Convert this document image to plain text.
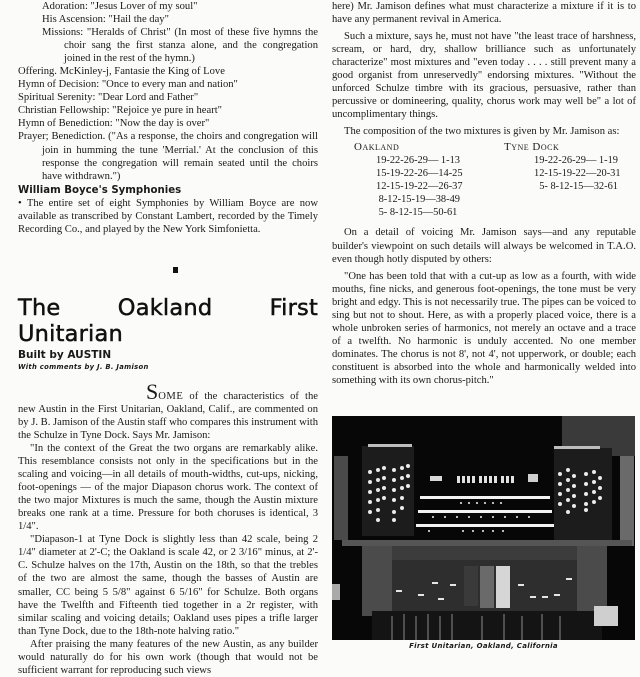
Adoration: "Jesus Lover of my soul"

His Ascension: "Hail the day"

Missions: "Heralds of Christ" (In most of these five hymns the choir sang the first stanza alone, and the congregation joined in the rest of the hymn.)

Offering. McKinley-j, Fantasie the King of Love

Hymn of Decision: "Once to every man and nation"

Spiritual Serenity: "Dear Lord and Father"

Christian Fellowship: "Rejoice ye pure in heart"

Hymn of Benediction: "Now the day is over"

Prayer; Benediction. ("As a response, the choirs and congregation will join in humming the tune 'Merrial.' At the conclusion of this response the congregation will remain seated until the choirs have withdrawn.")

William Boyce's Symphonies

• The entire set of eight Symphonies by William Boyce are now available as transcribed by Constant Lambert, recorded by the Timely Recording Co., and played by the New York Simfonietta.

The Oakland First Unitarian
Built by AUSTIN
With comments by J. B. Jamison

SOME of the characteristics of the new Austin in the First Unitarian, Oakland, Calif., are commented on by J. B. Jamison of the Austin staff who compares this instrument with the Schulze in Tyne Dock. Says Mr. Jamison:

"In the context of the Great the two organs are remarkably alike. This resemblance consists not only in the specifications but in the scaling and voicing—in all details of mouth-widths, cut-ups, nicking, foot-openings — of the major Diapason chorus work. The context of the two major Mixtures is much the same, though the Austin mixture breaks one rank at a time. Pressure for both choruses is identical, 3 1/4".

"Diapason-1 at Tyne Dock is slightly less than 42 scale, being 2 1/4" diameter at 2'-C; the Oakland is scale 42, or 2 3/16" minus, at 2'-C. Schulze halves on the 17th, Austin on the 18th, so that the trebles of the two are almost the same, though the basses of Austin are smaller, CC being 5 5/8" against 6 5/16" for Schulze. Both organs have the Twelfth and Fifteenth tied together in a 2r register, with similar scaling and voicing details; Oakland uses pipes a trifle larger than Tyne Dock, due to the 18th-note halving ratio."

After praising the many features of the new Austin, as any builder would naturally do for his own work (though that would not be sufficient warrant for reproducing such views

here) Mr. Jamison defines what must characterize a mixture if it is to have any permanent revival in America.

Such a mixture, says he, must not have "the least trace of harshness, scream, or hard, dry, shallow brilliance such as unfortunately characterize" most mixtures and "even today . . . . still prevent many a good organist from unreservedly" endorsing mixtures. "Without the unforced Schulze timbre with its gracious, persuasive, rather than percussive or domineering, quality, chorus work may well be" a lot of uncomplimentary things.

The composition of the two mixtures is given by Mr. Jamison as:

Oakland
19-22-26-29— 1-13
15-19-22-26—14-25
12-15-19-22—26-37
8-12-15-19—38-49
5- 8-12-15—50-61
Tyne Dock
19-22-26-29— 1-19
12-15-19-22—20-31
5- 8-12-15—32-61

On a detail of voicing Mr. Jamison says—and any reputable builder's viewpoint on such details will always be welcomed in T.A.O. even though hotly disputed by others:

"One has been told that with a cut-up as low as a fourth, with wide mouths, fine nicks, and generous foot-openings, the tone must be very bright and edgy. This is not necessarily true. The pipes can be voiced to sing but not to shout. Here, as with a properly placed voice, there is a whole unbroken series of harmonics, not merely an octave and a trace of a twelfth. No harmonic is unduly accented. No one member dominates. The chorus is not 8', not 4', not upperwork, or double; each constituent is absorbed into the whole and harmonically welded into something with its own chorus-pitch."

First Unitarian, Oakland, California
